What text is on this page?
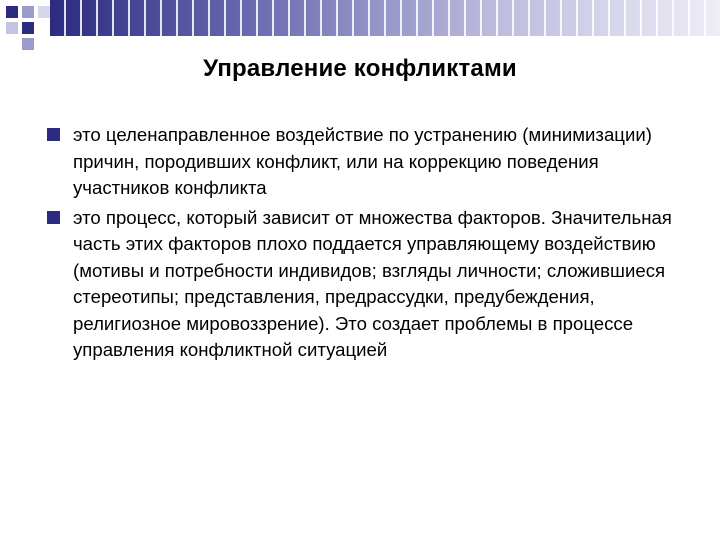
Управление конфликтами
это целенаправленное воздействие по устранению (минимизации) причин, породивших конфликт, или на коррекцию поведения участников конфликта
это процесс, который зависит от множества факторов. Значительная часть этих факторов плохо поддается управляющему воздействию (мотивы и потребности индивидов; взгляды личности; сложившиеся стереотипы; представления, предрассудки, предубеждения, религиозное мировоззрение). Это создает проблемы в процессе управления конфликтной ситуацией
